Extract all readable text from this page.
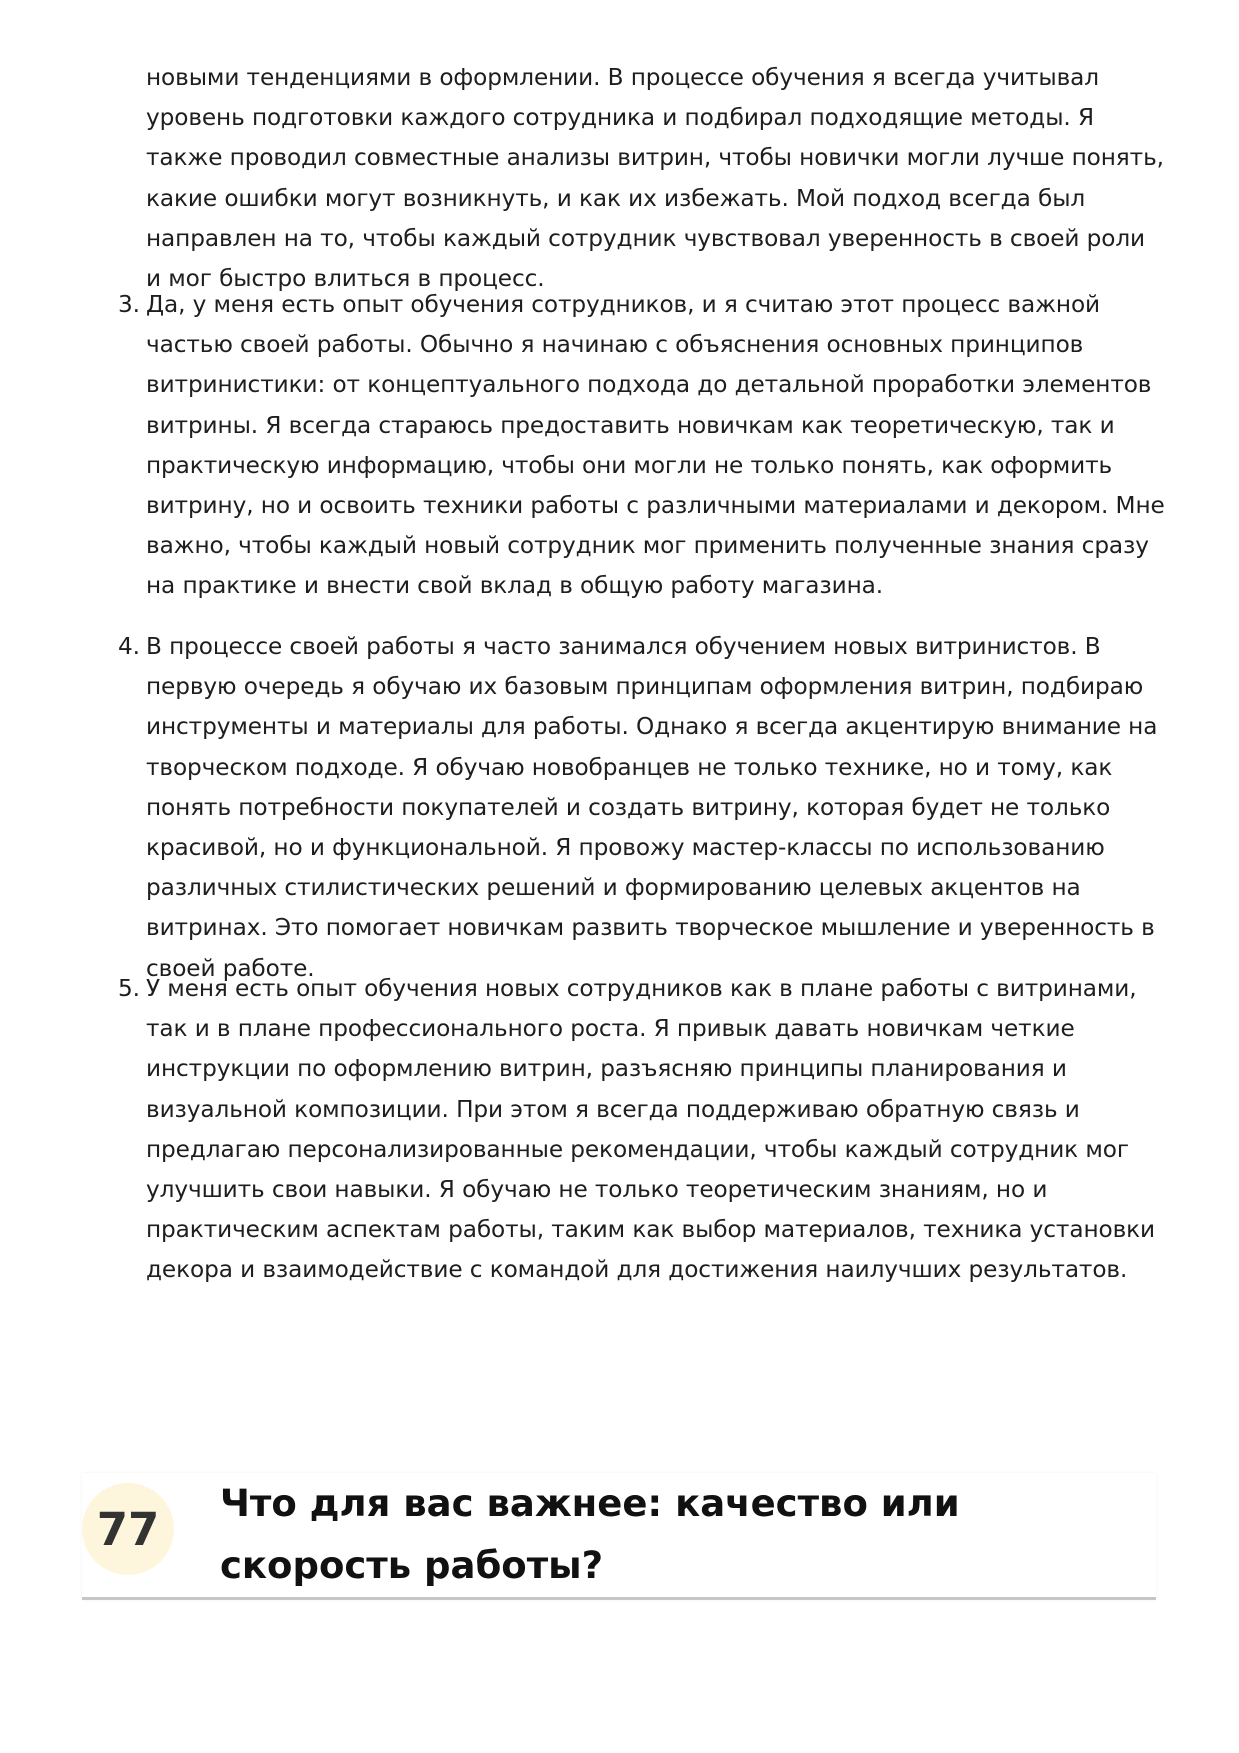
новыми тенденциями в оформлении. В процессе обучения я всегда учитывал уровень подготовки каждого сотрудника и подбирал подходящие методы. Я также проводил совместные анализы витрин, чтобы новички могли лучше понять, какие ошибки могут возникнуть, и как их избежать. Мой подход всегда был направлен на то, чтобы каждый сотрудник чувствовал уверенность в своей роли и мог быстро влиться в процесс.

3. Да, у меня есть опыт обучения сотрудников, и я считаю этот процесс важной частью своей работы. Обычно я начинаю с объяснения основных принципов витринистики: от концептуального подхода до детальной проработки элементов витрины. Я всегда стараюсь предоставить новичкам как теоретическую, так и практическую информацию, чтобы они могли не только понять, как оформить витрину, но и освоить техники работы с различными материалами и декором. Мне важно, чтобы каждый новый сотрудник мог применить полученные знания сразу на практике и внести свой вклад в общую работу магазина.
4. В процессе своей работы я часто занимался обучением новых витринистов. В первую очередь я обучаю их базовым принципам оформления витрин, подбираю инструменты и материалы для работы. Однако я всегда акцентирую внимание на творческом подходе. Я обучаю новобранцев не только технике, но и тому, как понять потребности покупателей и создать витрину, которая будет не только красивой, но и функциональной. Я провожу мастер-классы по использованию различных стилистических решений и формированию целевых акцентов на витринах. Это помогает новичкам развить творческое мышление и уверенность в своей работе.
5. У меня есть опыт обучения новых сотрудников как в плане работы с витринами, так и в плане профессионального роста. Я привык давать новичкам четкие инструкции по оформлению витрин, разъясняю принципы планирования и визуальной композиции. При этом я всегда поддерживаю обратную связь и предлагаю персонализированные рекомендации, чтобы каждый сотрудник мог улучшить свои навыки. Я обучаю не только теоретическим знаниям, но и практическим аспектам работы, таким как выбор материалов, техника установки декора и взаимодействие с командой для достижения наилучших результатов.
77	Что для вас важнее: качество или скорость работы?
